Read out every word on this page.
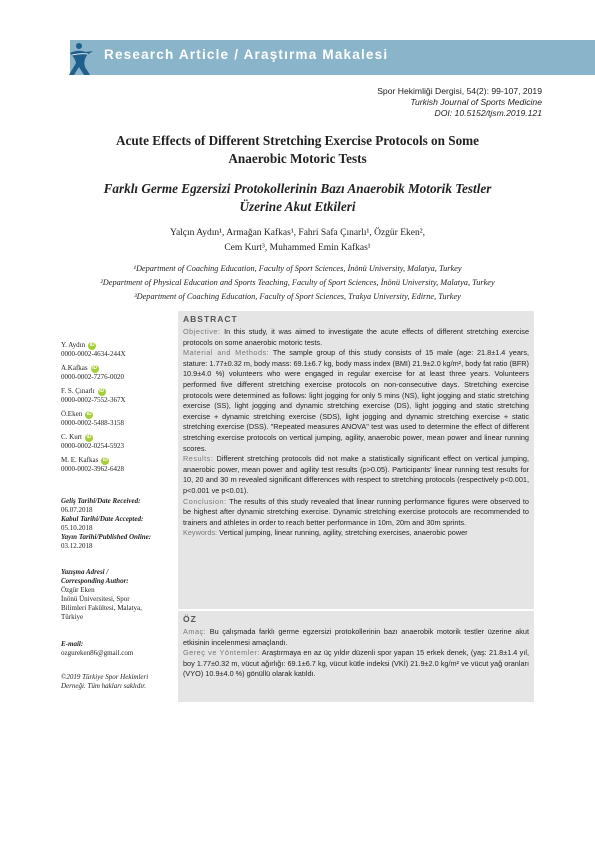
Research Article / Araştırma Makalesi
Spor Hekimliği Dergisi, 54(2): 99-107, 2019
Turkish Journal of Sports Medicine
DOI: 10.5152/tjsm.2019.121
Acute Effects of Different Stretching Exercise Protocols on Some
Anaerobic Motoric Tests
Farklı Germe Egzersizi Protokollerinin Bazı Anaerobik Motorik Testler
Üzerine Akut Etkileri
Yalçın Aydın¹, Armağan Kafkas¹, Fahri Safa Çınarlı¹, Özgür Eken²,
Cem Kurt³, Muhammed Emin Kafkas¹
¹Department of Coaching Education, Faculty of Sport Sciences, İnönü University, Malatya, Turkey
²Department of Physical Education and Sports Teaching, Faculty of Sport Sciences, İnönü University, Malatya, Turkey
³Department of Coaching Education, Faculty of Sport Sciences, Trakya University, Edirne, Turkey
Y. Aydın iD
0000-0002-4634-244X
A.Kafkas iD
0000-0002-7276-0020
F. S. Çınarlı iD
0000-0002-7552-367X
Ö.Eken iD
0000-0002-5488-3158
C. Kurt iD
0000-0002-0254-5923
M. E. Kafkas iD
0000-0002-3962-6428
Geliş Tarihi/Date Received:
06.07.2018
Kabul Tarihi/Date Accepted:
05.10.2018
Yayın Tarihi/Published Online:
03.12.2018
Yazışma Adresi /
Corresponding Author:
Özgür Eken
İnönü Üniversitesi, Spor
Bilimleri Fakültesi, Malatya,
Türkiye
E-mail:
ozgureken86@gmail.com
©2019 Türkiye Spor Hekimleri
Derneği. Tüm hakları saklıdır.
ABSTRACT
Objective: In this study, it was aimed to investigate the acute effects of different stretching exercise protocols on some anaerobic motoric tests.
Material and Methods: The sample group of this study consists of 15 male (age: 21.8±1.4 years, stature: 1.77±0.32 m, body mass: 69.1±6.7 kg, body mass index (BMI) 21.9±2.0 kg/m², body fat ratio (BFR) 10.9±4.0 %) volunteers who were engaged in regular exercise for at least three years. Volunteers performed five different stretching exercise protocols on non-consecutive days. Stretching exercise protocols were determined as follows: light jogging for only 5 mins (NS), light jogging and static stretching exercise (SS), light jogging and dynamic stretching exercise (DS), light jogging and static stretching exercise + dynamic stretching exercise (SDS), light jogging and dynamic stretching exercise + static stretching exercise (DSS). "Repeated measures ANOVA" test was used to determine the effect of different stretching exercise protocols on vertical jumping, agility, anaerobic power, mean power and linear running scores.
Results: Different stretching protocols did not make a statistically significant effect on vertical jumping, anaerobic power, mean power and agility test results (p>0.05). Participants' linear running test results for 10, 20 and 30 m revealed significant differences with respect to stretching protocols (respectively p<0.001, p<0.001 ve p<0.01).
Conclusion: The results of this study revealed that linear running performance figures were observed to be highest after dynamic stretching exercise. Dynamic stretching exercise protocols are recommended to trainers and athletes in order to reach better performance in 10m, 20m and 30m sprints.
Keywords: Vertical jumping, linear running, agility, stretching exercises, anaerobic power
ÖZ
Amaç: Bu çalışmada farklı germe egzersizi protokollerinin bazı anaerobik motorik testler üzerine akut etkisinin incelenmesi amaçlandı.
Gereç ve Yöntemler: Araştırmaya en az üç yıldır düzenli spor yapan 15 erkek denek, (yaş: 21.8±1.4 yıl, boy 1.77±0.32 m, vücut ağırlığı: 69.1±6.7 kg, vücut kütle indeksi (VKİ) 21.9±2.0 kg/m² ve vücut yağ oranları (VYO) 10.9±4.0 %) gönüllü olarak katıldı.
